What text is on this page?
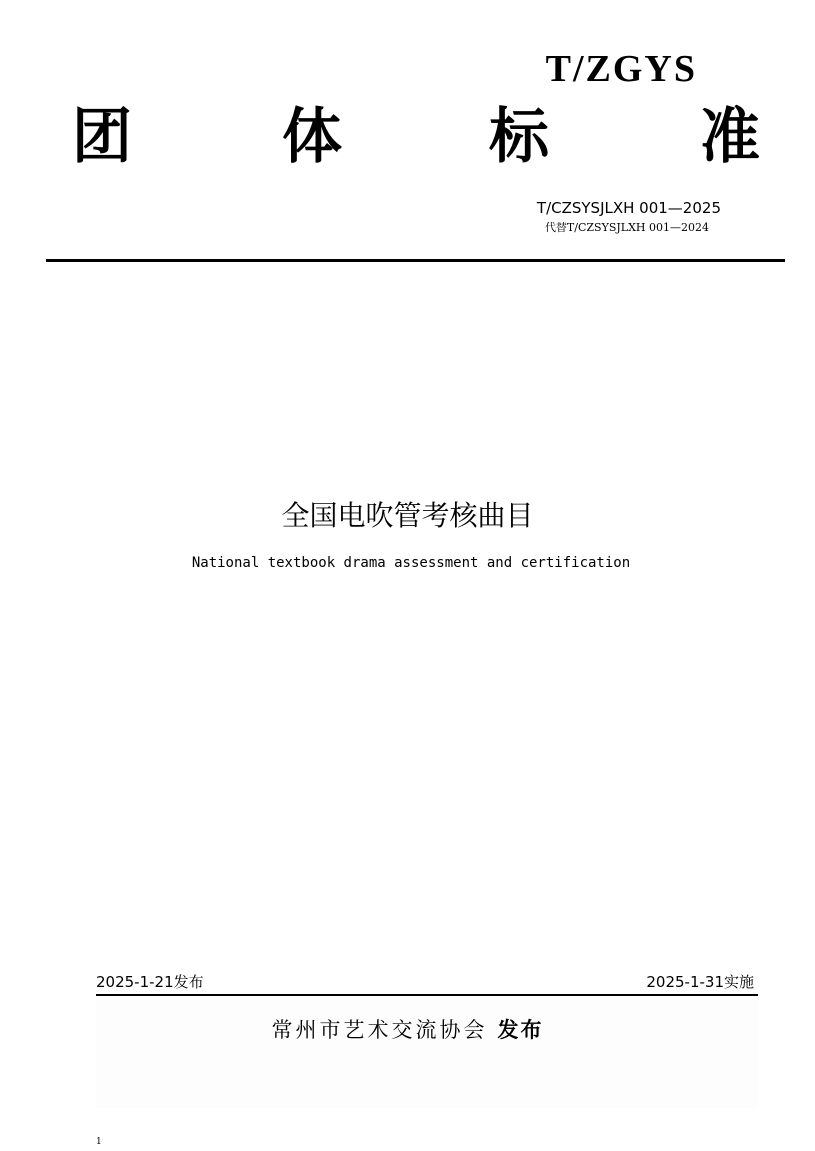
T/ZGYS
团	体 标	准
T/CZSYSJLXH 001—2025
代替T/CZSYSJLXH 001—2024
全国电吹管考核曲目
National textbook drama assessment and certification
2025-1-21发布	2025-1-31实施
常州市艺术交流协会 发布
1
